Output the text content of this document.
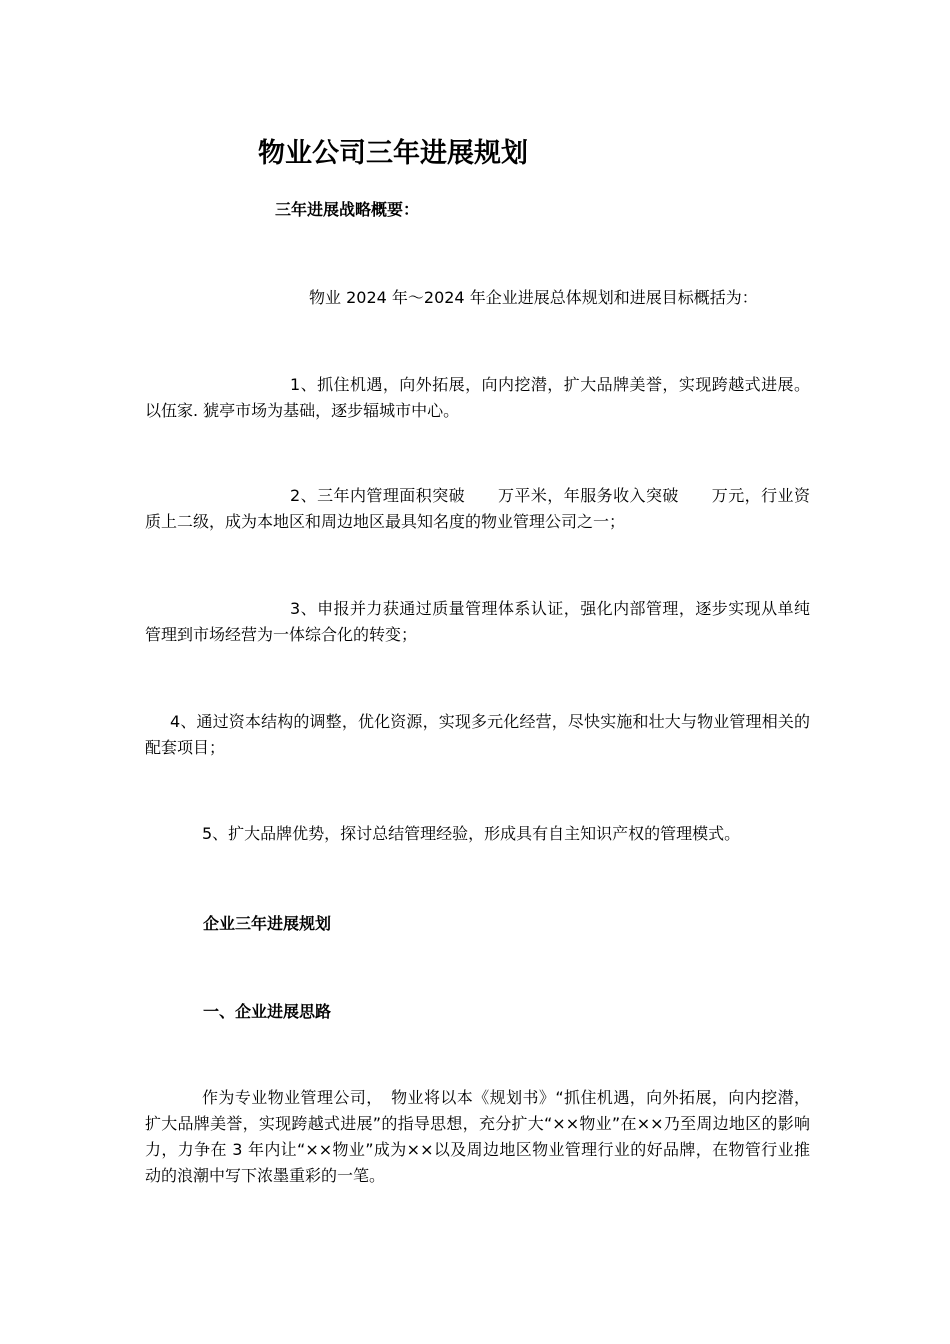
物业公司三年进展规划
三年进展战略概要：

物业 2024 年～2024 年企业进展总体规划和进展目标概括为：

1、抓住机遇，向外拓展，向内挖潜，扩大品牌美誉，实现跨越式进展。以伍家. 猇亭市场为基础，逐步辐城市中心。

2、三年内管理面积突破　　万平米，年服务收入突破　　万元，行业资质上二级，成为本地区和周边地区最具知名度的物业管理公司之一；

3、申报并力获通过质量管理体系认证，强化内部管理，逐步实现从单纯管理到市场经营为一体综合化的转变；

4、通过资本结构的调整，优化资源，实现多元化经营，尽快实施和壮大与物业管理相关的配套项目；

5、扩大品牌优势，探讨总结管理经验，形成具有自主知识产权的管理模式。

企业三年进展规划
一、企业进展思路

作为专业物业管理公司，　物业将以本《规划书》“抓住机遇，向外拓展，向内挖潜，扩大品牌美誉，实现跨越式进展”的指导思想，充分扩大“××物业”在××乃至周边地区的影响力，力争在 3 年内让“××物业”成为××以及周边地区物业管理行业的好品牌，在物管行业推动的浪潮中写下浓墨重彩的一笔。
